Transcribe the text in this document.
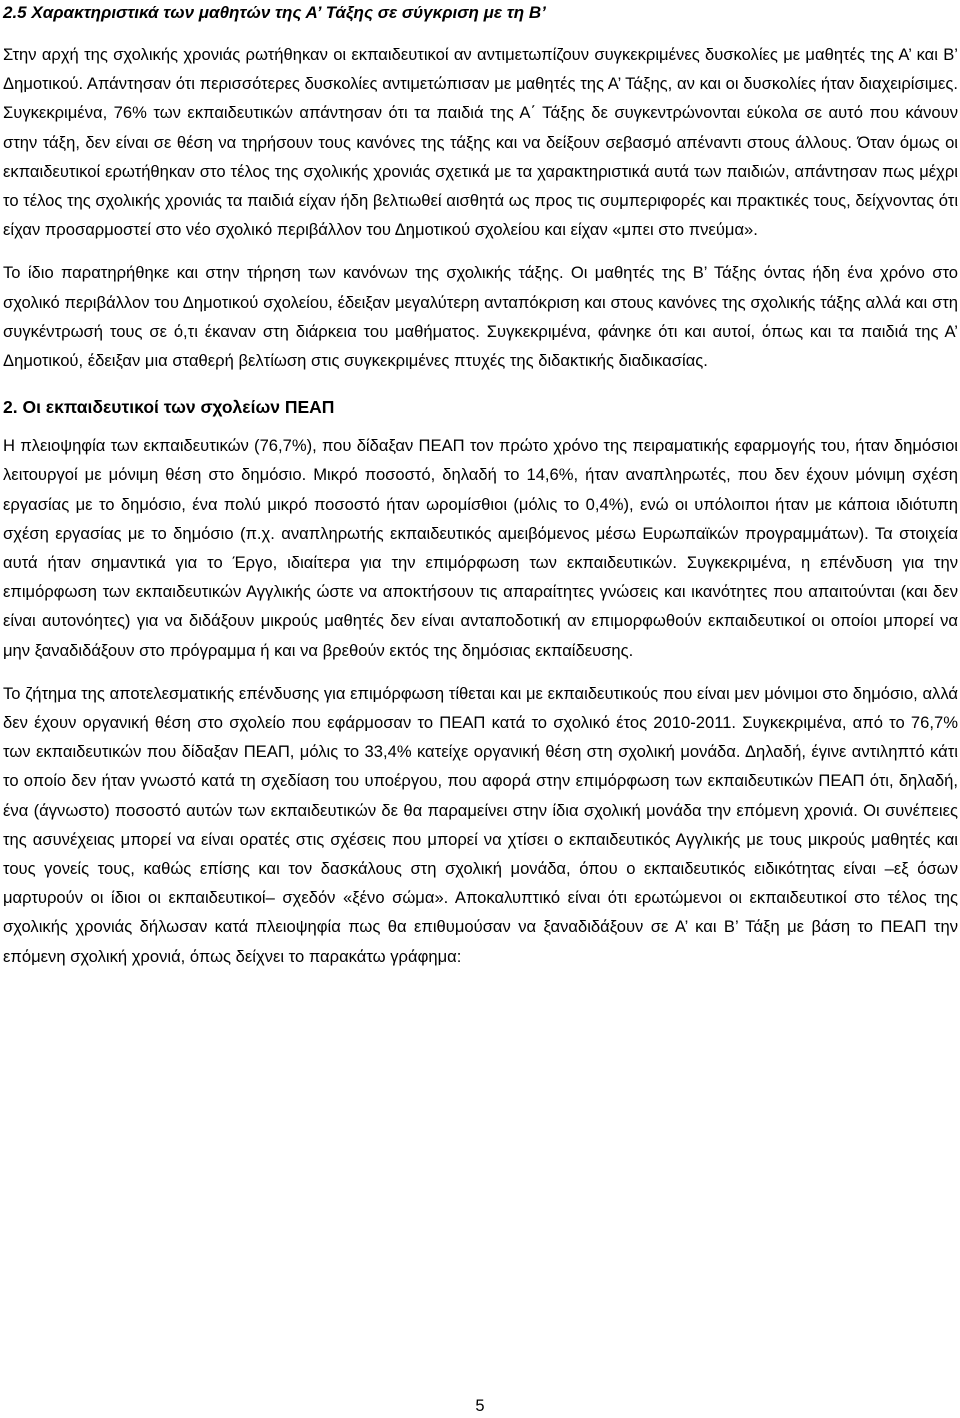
2.5 Χαρακτηριστικά των μαθητών της Α’ Τάξης σε σύγκριση με τη Β’

Στην αρχή της σχολικής χρονιάς ρωτήθηκαν οι εκπαιδευτικοί αν αντιμετωπίζουν συγκεκριμένες δυσκολίες με μαθητές της Α’ και Β’ Δημοτικού. Απάντησαν ότι περισσότερες δυσκολίες αντιμετώπισαν με μαθητές της Α’ Τάξης, αν και οι δυσκολίες ήταν διαχειρίσιμες. Συγκεκριμένα, 76% των εκπαιδευτικών απάντησαν ότι τα παιδιά της Α΄ Τάξης δε συγκεντρώνονται εύκολα σε αυτό που κάνουν στην τάξη, δεν είναι σε θέση να τηρήσουν τους κανόνες της τάξης και να δείξουν σεβασμό απέναντι στους άλλους. Όταν όμως οι εκπαιδευτικοί ερωτήθηκαν στο τέλος της σχολικής χρονιάς σχετικά με τα χαρακτηριστικά αυτά των παιδιών, απάντησαν πως μέχρι το τέλος της σχολικής χρονιάς τα παιδιά είχαν ήδη βελτιωθεί αισθητά ως προς τις συμπεριφορές και πρακτικές τους, δείχνοντας ότι είχαν προσαρμοστεί στο νέο σχολικό περιβάλλον του Δημοτικού σχολείου και είχαν «μπει στο πνεύμα».

Το ίδιο παρατηρήθηκε και στην τήρηση των κανόνων της σχολικής τάξης. Οι μαθητές της Β’ Τάξης όντας ήδη ένα χρόνο στο σχολικό περιβάλλον του Δημοτικού σχολείου, έδειξαν μεγαλύτερη ανταπόκριση και στους κανόνες της σχολικής τάξης αλλά και στη συγκέντρωσή τους σε ό,τι έκαναν στη διάρκεια του μαθήματος. Συγκεκριμένα, φάνηκε ότι και αυτοί, όπως και τα παιδιά της Α’ Δημοτικού, έδειξαν μια σταθερή βελτίωση στις συγκεκριμένες πτυχές της διδακτικής διαδικασίας.

2. Οι εκπαιδευτικοί των σχολείων ΠΕΑΠ

Η πλειοψηφία των εκπαιδευτικών (76,7%), που δίδαξαν ΠΕΑΠ τον πρώτο χρόνο της πειραματικής εφαρμογής του, ήταν δημόσιοι λειτουργοί με μόνιμη θέση στο δημόσιο. Μικρό ποσοστό, δηλαδή το 14,6%, ήταν αναπληρωτές, που δεν έχουν μόνιμη σχέση εργασίας με το δημόσιο, ένα πολύ μικρό ποσοστό ήταν ωρομίσθιοι (μόλις το 0,4%), ενώ οι υπόλοιποι ήταν με κάποια ιδιότυπη σχέση εργασίας με το δημόσιο (π.χ. αναπληρωτής εκπαιδευτικός αμειβόμενος μέσω Ευρωπαϊκών προγραμμάτων). Τα στοιχεία αυτά ήταν σημαντικά για το Έργο, ιδιαίτερα για την επιμόρφωση των εκπαιδευτικών. Συγκεκριμένα, η επένδυση για την επιμόρφωση των εκπαιδευτικών Αγγλικής ώστε να αποκτήσουν τις απαραίτητες γνώσεις και ικανότητες που απαιτούνται (και δεν είναι αυτονόητες) για να διδάξουν μικρούς μαθητές δεν είναι ανταποδοτική αν επιμορφωθούν εκπαιδευτικοί οι οποίοι μπορεί να μην ξαναδιδάξουν στο πρόγραμμα ή και να βρεθούν εκτός της δημόσιας εκπαίδευσης.

Το ζήτημα της αποτελεσματικής επένδυσης για επιμόρφωση τίθεται και με εκπαιδευτικούς που είναι μεν μόνιμοι στο δημόσιο, αλλά δεν έχουν οργανική θέση στο σχολείο που εφάρμοσαν το ΠΕΑΠ κατά το σχολικό έτος 2010-2011. Συγκεκριμένα, από το 76,7% των εκπαιδευτικών που δίδαξαν ΠΕΑΠ, μόλις το 33,4% κατείχε οργανική θέση στη σχολική μονάδα. Δηλαδή, έγινε αντιληπτό κάτι το οποίο δεν ήταν γνωστό κατά τη σχεδίαση του υποέργου, που αφορά στην επιμόρφωση των εκπαιδευτικών ΠΕΑΠ ότι, δηλαδή, ένα (άγνωστο) ποσοστό αυτών των εκπαιδευτικών δε θα παραμείνει στην ίδια σχολική μονάδα την επόμενη χρονιά. Οι συνέπειες της ασυνέχειας μπορεί να είναι ορατές στις σχέσεις που μπορεί να χτίσει ο εκπαιδευτικός Αγγλικής με τους μικρούς μαθητές και τους γονείς τους, καθώς επίσης και τον δασκάλους στη σχολική μονάδα, όπου ο εκπαιδευτικός ειδικότητας είναι –εξ όσων μαρτυρούν οι ίδιοι οι εκπαιδευτικοί– σχεδόν «ξένο σώμα». Αποκαλυπτικό είναι ότι ερωτώμενοι οι εκπαιδευτικοί στο τέλος της σχολικής χρονιάς δήλωσαν κατά πλειοψηφία πως θα επιθυμούσαν να ξαναδιδάξουν σε Α’ και Β’ Τάξη με βάση το ΠΕΑΠ την επόμενη σχολική χρονιά, όπως δείχνει το παρακάτω γράφημα:

5
